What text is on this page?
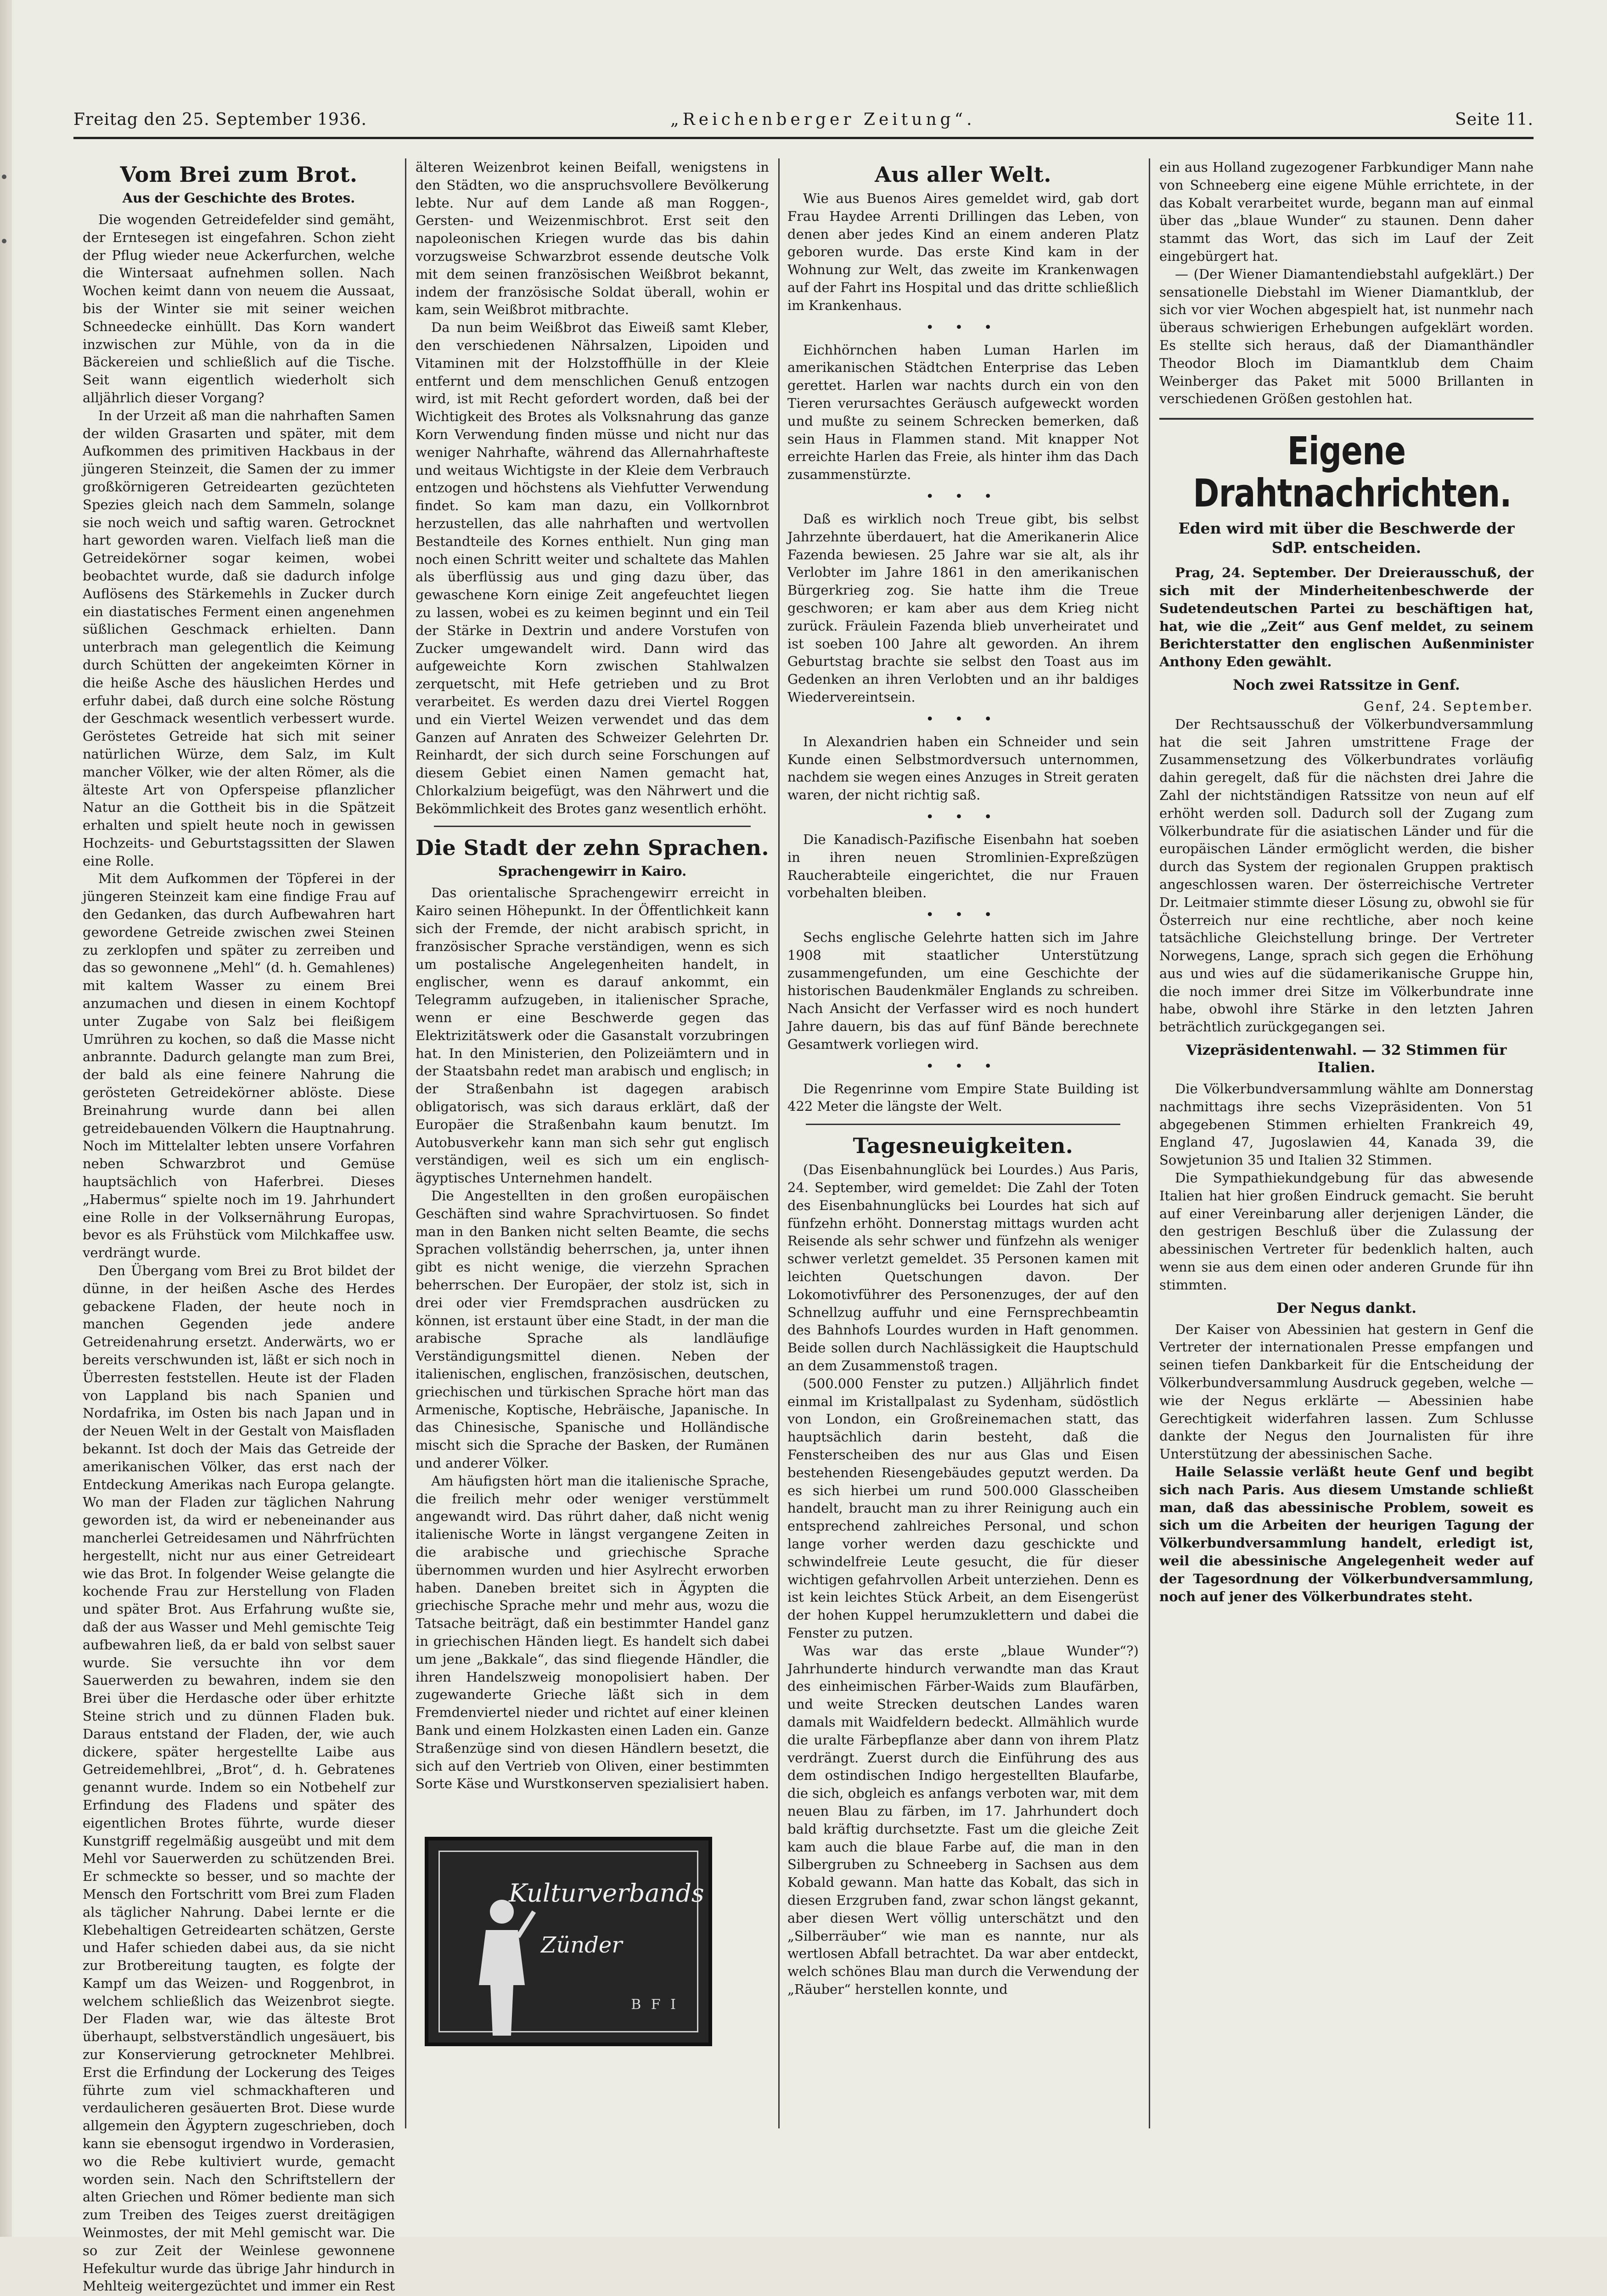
Freitag den 25. September 1936.	„Reichenberger Zeitung“.	Seite 11.
Vom Brei zum Brot.
Aus der Geschichte des Brotes.

Die wogenden Getreidefelder sind gemäht, der Erntesegen ist eingefahren. Schon zieht der Pflug wieder neue Ackerfurchen, welche die Wintersaat aufnehmen sollen. Nach Wochen keimt dann von neuem die Aussaat, bis der Winter sie mit seiner weichen Schneedecke einhüllt. Das Korn wandert inzwischen zur Mühle, von da in die Bäckereien und schließlich auf die Tische. Seit wann eigentlich wiederholt sich alljährlich dieser Vorgang?

In der Urzeit aß man die nahrhaften Samen der wilden Grasarten und später, mit dem Aufkommen des primitiven Hackbaus in der jüngeren Steinzeit, die Samen der zu immer großkörnigeren Getreidearten gezüchteten Spezies gleich nach dem Sammeln, solange sie noch weich und saftig waren. Getrocknet hart geworden waren. Vielfach ließ man die Getreidekörner sogar keimen, wobei beobachtet wurde, daß sie dadurch infolge Auflösens des Stärkemehls in Zucker durch ein diastatisches Ferment einen angenehmen süßlichen Geschmack erhielten. Dann unterbrach man gelegentlich die Keimung durch Schütten der angekeimten Körner in die heiße Asche des häuslichen Herdes und erfuhr dabei, daß durch eine solche Röstung der Geschmack wesentlich verbessert wurde. Geröstetes Getreide hat sich mit seiner natürlichen Würze, dem Salz, im Kult mancher Völker, wie der alten Römer, als die älteste Art von Opferspeise pflanzlicher Natur an die Gottheit bis in die Spätzeit erhalten und spielt heute noch in gewissen Hochzeits- und Geburtstagssitten der Slawen eine Rolle.

Mit dem Aufkommen der Töpferei in der jüngeren Steinzeit kam eine findige Frau auf den Gedanken, das durch Aufbewahren hart gewordene Getreide zwischen zwei Steinen zu zerklopfen und später zu zerreiben und das so gewonnene „Mehl“ (d. h. Gemahlenes) mit kaltem Wasser zu einem Brei anzumachen und diesen in einem Kochtopf unter Zugabe von Salz bei fleißigem Umrühren zu kochen, so daß die Masse nicht anbrannte. Dadurch gelangte man zum Brei, der bald als eine feinere Nahrung die gerösteten Getreidekörner ablöste. Diese Breinahrung wurde dann bei allen getreidebauenden Völkern die Hauptnahrung. Noch im Mittelalter lebten unsere Vorfahren neben Schwarzbrot und Gemüse hauptsächlich von Haferbrei. Dieses „Habermus“ spielte noch im 19. Jahrhundert eine Rolle in der Volksernährung Europas, bevor es als Frühstück vom Milchkaffee usw. verdrängt wurde.

Den Übergang vom Brei zu Brot bildet der dünne, in der heißen Asche des Herdes gebackene Fladen, der heute noch in manchen Gegenden jede andere Getreidenahrung ersetzt. Anderwärts, wo er bereits verschwunden ist, läßt er sich noch in Überresten feststellen. Heute ist der Fladen von Lappland bis nach Spanien und Nordafrika, im Osten bis nach Japan und in der Neuen Welt in der Gestalt von Maisfladen bekannt. Ist doch der Mais das Getreide der amerikanischen Völker, das erst nach der Entdeckung Amerikas nach Europa gelangte. Wo man der Fladen zur täglichen Nahrung geworden ist, da wird er nebeneinander aus mancherlei Getreidesamen und Nährfrüchten hergestellt, nicht nur aus einer Getreideart wie das Brot. In folgender Weise gelangte die kochende Frau zur Herstellung von Fladen und später Brot. Aus Erfahrung wußte sie, daß der aus Wasser und Mehl gemischte Teig aufbewahren ließ, da er bald von selbst sauer wurde. Sie versuchte ihn vor dem Sauerwerden zu bewahren, indem sie den Brei über die Herdasche oder über erhitzte Steine strich und zu dünnen Fladen buk. Daraus entstand der Fladen, der, wie auch dickere, später hergestellte Laibe aus Getreidemehlbrei, „Brot“, d. h. Gebratenes genannt wurde. Indem so ein Notbehelf zur Erfindung des Fladens und später des eigentlichen Brotes führte, wurde dieser Kunstgriff regelmäßig ausgeübt und mit dem Mehl vor Sauerwerden zu schützenden Brei. Er schmeckte so besser, und so machte der Mensch den Fortschritt vom Brei zum Fladen als täglicher Nahrung. Dabei lernte er die Klebehaltigen Getreidearten schätzen, Gerste und Hafer schieden dabei aus, da sie nicht zur Brotbereitung taugten, es folgte der Kampf um das Weizen- und Roggenbrot, in welchem schließlich das Weizenbrot siegte. Der Fladen war, wie das älteste Brot überhaupt, selbstverständlich ungesäuert, bis zur Konservierung getrockneter Mehlbrei. Erst die Erfindung der Lockerung des Teiges führte zum viel schmackhafteren und verdaulicheren gesäuerten Brot. Diese wurde allgemein den Ägyptern zugeschrieben, doch kann sie ebensogut irgendwo in Vorderasien, wo die Rebe kultiviert wurde, gemacht worden sein. Nach den Schriftstellern der alten Griechen und Römer bediente man sich zum Treiben des Teiges zuerst dreitägigen Weinmostes, der mit Mehl gemischt war. Die so zur Zeit der Weinlese gewonnene Hefekultur wurde das übrige Jahr hindurch in Mehlteig weitergezüchtet und immer ein Rest

älteren Weizenbrot keinen Beifall, wenigstens in den Städten, wo die anspruchsvollere Bevölkerung lebte. Nur auf dem Lande aß man Roggen-, Gersten- und Weizenmischbrot. Erst seit den napoleonischen Kriegen wurde das bis dahin vorzugsweise Schwarzbrot essende deutsche Volk mit dem seinen französischen Weißbrot bekannt, indem der französische Soldat überall, wohin er kam, sein Weißbrot mitbrachte.

Da nun beim Weißbrot das Eiweiß samt Kleber, den verschiedenen Nährsalzen, Lipoiden und Vitaminen mit der Holzstoffhülle in der Kleie entfernt und dem menschlichen Genuß entzogen wird, ist mit Recht gefordert worden, daß bei der Wichtigkeit des Brotes als Volksnahrung das ganze Korn Verwendung finden müsse und nicht nur das weniger Nahrhafte, während das Allernahrhafteste und weitaus Wichtigste in der Kleie dem Verbrauch entzogen und höchstens als Viehfutter Verwendung findet. So kam man dazu, ein Vollkornbrot herzustellen, das alle nahrhaften und wertvollen Bestandteile des Kornes enthielt. Nun ging man noch einen Schritt weiter und schaltete das Mahlen als überflüssig aus und ging dazu über, das gewaschene Korn einige Zeit angefeuchtet liegen zu lassen, wobei es zu keimen beginnt und ein Teil der Stärke in Dextrin und andere Vorstufen von Zucker umgewandelt wird. Dann wird das aufgeweichte Korn zwischen Stahlwalzen zerquetscht, mit Hefe getrieben und zu Brot verarbeitet. Es werden dazu drei Viertel Roggen und ein Viertel Weizen verwendet und das dem Ganzen auf Anraten des Schweizer Gelehrten Dr. Reinhardt, der sich durch seine Forschungen auf diesem Gebiet einen Namen gemacht hat, Chlorkalzium beigefügt, was den Nährwert und die Bekömmlichkeit des Brotes ganz wesentlich erhöht.

Die Stadt der zehn Sprachen.
Sprachengewirr in Kairo.

Das orientalische Sprachengewirr erreicht in Kairo seinen Höhepunkt. In der Öffentlichkeit kann sich der Fremde, der nicht arabisch spricht, in französischer Sprache verständigen, wenn es sich um postalische Angelegenheiten handelt, in englischer, wenn es darauf ankommt, ein Telegramm aufzugeben, in italienischer Sprache, wenn er eine Beschwerde gegen das Elektrizitätswerk oder die Gasanstalt vorzubringen hat. In den Ministerien, den Polizeiämtern und in der Staatsbahn redet man arabisch und englisch; in der Straßenbahn ist dagegen arabisch obligatorisch, was sich daraus erklärt, daß der Europäer die Straßenbahn kaum benutzt. Im Autobusverkehr kann man sich sehr gut englisch verständigen, weil es sich um ein englisch-ägyptisches Unternehmen handelt.

Die Angestellten in den großen europäischen Geschäften sind wahre Sprachvirtuosen. So findet man in den Banken nicht selten Beamte, die sechs Sprachen vollständig beherrschen, ja, unter ihnen gibt es nicht wenige, die vierzehn Sprachen beherrschen. Der Europäer, der stolz ist, sich in drei oder vier Fremdsprachen ausdrücken zu können, ist erstaunt über eine Stadt, in der man die arabische Sprache als landläufige Verständigungsmittel dienen. Neben der italienischen, englischen, französischen, deutschen, griechischen und türkischen Sprache hört man das Armenische, Koptische, Hebräische, Japanische. In das Chinesische, Spanische und Holländische mischt sich die Sprache der Basken, der Rumänen und anderer Völker.

Am häufigsten hört man die italienische Sprache, die freilich mehr oder weniger verstümmelt angewandt wird. Das rührt daher, daß nicht wenig italienische Worte in längst vergangene Zeiten in die arabische und griechische Sprache übernommen wurden und hier Asylrecht erworben haben. Daneben breitet sich in Ägypten die griechische Sprache mehr und mehr aus, wozu die Tatsache beiträgt, daß ein bestimmter Handel ganz in griechischen Händen liegt. Es handelt sich dabei um jene „Bakkale“, das sind fliegende Händler, die ihren Handelszweig monopolisiert haben. Der zugewanderte Grieche läßt sich in dem Fremdenviertel nieder und richtet auf einer kleinen Bank und einem Holzkasten einen Laden ein. Ganze Straßenzüge sind von diesen Händlern besetzt, die sich auf den Vertrieb von Oliven, einer bestimmten Sorte Käse und Wurstkonserven spezialisiert haben.

Kulturverbands
Zünder
B F I
Aus aller Welt.

Wie aus Buenos Aires gemeldet wird, gab dort Frau Haydee Arrenti Drillingen das Leben, von denen aber jedes Kind an einem anderen Platz geboren wurde. Das erste Kind kam in der Wohnung zur Welt, das zweite im Krankenwagen auf der Fahrt ins Hospital und das dritte schließlich im Krankenhaus.

• • •

Eichhörnchen haben Luman Harlen im amerikanischen Städtchen Enterprise das Leben gerettet. Harlen war nachts durch ein von den Tieren verursachtes Geräusch aufgeweckt worden und mußte zu seinem Schrecken bemerken, daß sein Haus in Flammen stand. Mit knapper Not erreichte Harlen das Freie, als hinter ihm das Dach zusammenstürzte.

• • •

Daß es wirklich noch Treue gibt, bis selbst Jahrzehnte überdauert, hat die Amerikanerin Alice Fazenda bewiesen. 25 Jahre war sie alt, als ihr Verlobter im Jahre 1861 in den amerikanischen Bürgerkrieg zog. Sie hatte ihm die Treue geschworen; er kam aber aus dem Krieg nicht zurück. Fräulein Fazenda blieb unverheiratet und ist soeben 100 Jahre alt geworden. An ihrem Geburtstag brachte sie selbst den Toast aus im Gedenken an ihren Verlobten und an ihr baldiges Wiedervereintsein.

• • •

In Alexandrien haben ein Schneider und sein Kunde einen Selbstmordversuch unternommen, nachdem sie wegen eines Anzuges in Streit geraten waren, der nicht richtig saß.

• • •

Die Kanadisch-Pazifische Eisenbahn hat soeben in ihren neuen Stromlinien-Expreßzügen Raucherabteile eingerichtet, die nur Frauen vorbehalten bleiben.

• • •

Sechs englische Gelehrte hatten sich im Jahre 1908 mit staatlicher Unterstützung zusammengefunden, um eine Geschichte der historischen Baudenkmäler Englands zu schreiben. Nach Ansicht der Verfasser wird es noch hundert Jahre dauern, bis das auf fünf Bände berechnete Gesamtwerk vorliegen wird.

• • •

Die Regenrinne vom Empire State Building ist 422 Meter die längste der Welt.

Tagesneuigkeiten.

(Das Eisenbahnunglück bei Lourdes.) Aus Paris, 24. September, wird gemeldet: Die Zahl der Toten des Eisenbahnunglücks bei Lourdes hat sich auf fünfzehn erhöht. Donnerstag mittags wurden acht Reisende als sehr schwer und fünfzehn als weniger schwer verletzt gemeldet. 35 Personen kamen mit leichten Quetschungen davon. Der Lokomotivführer des Personenzuges, der auf den Schnellzug auffuhr und eine Fernsprechbeamtin des Bahnhofs Lourdes wurden in Haft genommen. Beide sollen durch Nachlässigkeit die Hauptschuld an dem Zusammenstoß tragen.

(500.000 Fenster zu putzen.) Alljährlich findet einmal im Kristallpalast zu Sydenham, südöstlich von London, ein Großreinemachen statt, das hauptsächlich darin besteht, daß die Fensterscheiben des nur aus Glas und Eisen bestehenden Riesengebäudes geputzt werden. Da es sich hierbei um rund 500.000 Glasscheiben handelt, braucht man zu ihrer Reinigung auch ein entsprechend zahlreiches Personal, und schon lange vorher werden dazu geschickte und schwindelfreie Leute gesucht, die für dieser wichtigen gefahrvollen Arbeit unterziehen. Denn es ist kein leichtes Stück Arbeit, an dem Eisengerüst der hohen Kuppel herumzuklettern und dabei die Fenster zu putzen.

Was war das erste „blaue Wunder“?) Jahrhunderte hindurch verwandte man das Kraut des einheimischen Färber-Waids zum Blaufärben, und weite Strecken deutschen Landes waren damals mit Waidfeldern bedeckt. Allmählich wurde die uralte Färbepflanze aber dann von ihrem Platz verdrängt. Zuerst durch die Einführung des aus dem ostindischen Indigo hergestellten Blaufarbe, die sich, obgleich es anfangs verboten war, mit dem neuen Blau zu färben, im 17. Jahrhundert doch bald kräftig durchsetzte. Fast um die gleiche Zeit kam auch die blaue Farbe auf, die man in den Silbergruben zu Schneeberg in Sachsen aus dem Kobald gewann. Man hatte das Kobalt, das sich in diesen Erzgruben fand, zwar schon längst gekannt, aber diesen Wert völlig unterschätzt und den „Silberräuber“ wie man es nannte, nur als wertlosen Abfall betrachtet. Da war aber entdeckt, welch schönes Blau man durch die Verwendung der „Räuber“ herstellen konnte, und

ein aus Holland zugezogener Farbkundiger Mann nahe von Schneeberg eine eigene Mühle errichtete, in der das Kobalt verarbeitet wurde, begann man auf einmal über das „blaue Wunder“ zu staunen. Denn daher stammt das Wort, das sich im Lauf der Zeit eingebürgert hat.

— (Der Wiener Diamantendiebstahl aufgeklärt.) Der sensationelle Diebstahl im Wiener Diamantklub, der sich vor vier Wochen abgespielt hat, ist nunmehr nach überaus schwierigen Erhebungen aufgeklärt worden. Es stellte sich heraus, daß der Diamanthändler Theodor Bloch im Diamantklub dem Chaim Weinberger das Paket mit 5000 Brillanten in verschiedenen Größen gestohlen hat.

Eigene Drahtnachrichten.
Eden wird mit über die Beschwerde der SdP. entscheiden.

Prag, 24. September. Der Dreierausschuß, der sich mit der Minderheitenbeschwerde der Sudetendeutschen Partei zu beschäftigen hat, hat, wie die „Zeit“ aus Genf meldet, zu seinem Berichterstatter den englischen Außenminister Anthony Eden gewählt.

Noch zwei Ratssitze in Genf.

Genf, 24. September.

Der Rechtsausschuß der Völkerbundversammlung hat die seit Jahren umstrittene Frage der Zusammensetzung des Völkerbundrates vorläufig dahin geregelt, daß für die nächsten drei Jahre die Zahl der nichtständigen Ratssitze von neun auf elf erhöht werden soll. Dadurch soll der Zugang zum Völkerbundrate für die asiatischen Länder und für die europäischen Länder ermöglicht werden, die bisher durch das System der regionalen Gruppen praktisch angeschlossen waren. Der österreichische Vertreter Dr. Leitmaier stimmte dieser Lösung zu, obwohl sie für Österreich nur eine rechtliche, aber noch keine tatsächliche Gleichstellung bringe. Der Vertreter Norwegens, Lange, sprach sich gegen die Erhöhung aus und wies auf die südamerikanische Gruppe hin, die noch immer drei Sitze im Völkerbundrate inne habe, obwohl ihre Stärke in den letzten Jahren beträchtlich zurückgegangen sei.

Vizepräsidentenwahl. — 32 Stimmen für Italien.

Die Völkerbundversammlung wählte am Donnerstag nachmittags ihre sechs Vizepräsidenten. Von 51 abgegebenen Stimmen erhielten Frankreich 49, England 47, Jugoslawien 44, Kanada 39, die Sowjetunion 35 und Italien 32 Stimmen.

Die Sympathiekundgebung für das abwesende Italien hat hier großen Eindruck gemacht. Sie beruht auf einer Vereinbarung aller derjenigen Länder, die den gestrigen Beschluß über die Zulassung der abessinischen Vertreter für bedenklich halten, auch wenn sie aus dem einen oder anderen Grunde für ihn stimmten.

Der Negus dankt.

Der Kaiser von Abessinien hat gestern in Genf die Vertreter der internationalen Presse empfangen und seinen tiefen Dankbarkeit für die Entscheidung der Völkerbundversammlung Ausdruck gegeben, welche — wie der Negus erklärte — Abessinien habe Gerechtigkeit widerfahren lassen. Zum Schlusse dankte der Negus den Journalisten für ihre Unterstützung der abessinischen Sache.

Haile Selassie verläßt heute Genf und begibt sich nach Paris. Aus diesem Umstande schließt man, daß das abessinische Problem, soweit es sich um die Arbeiten der heurigen Tagung der Völkerbundversammlung handelt, erledigt ist, weil die abessinische Angelegenheit weder auf der Tagesordnung der Völkerbundversammlung, noch auf jener des Völkerbundrates steht.
